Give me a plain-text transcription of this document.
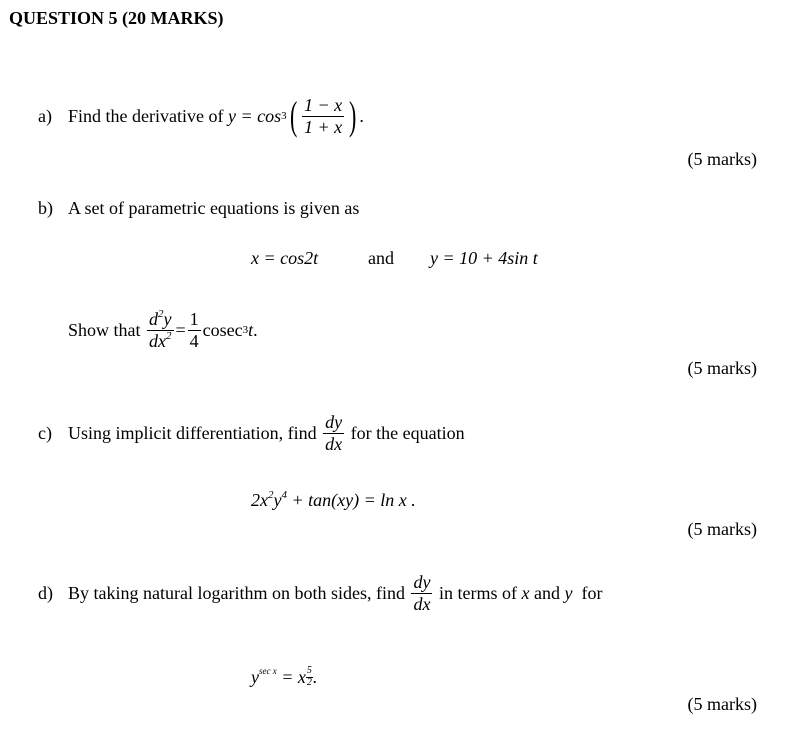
QUESTION 5 (20 MARKS)
a) Find the derivative of
y = cos 3 ( $\frac{1 - x}{1 + x}$ ) .
(5 marks)
b) A set of parametric equations is given as
x = cos2t	and y = 10 + 4sin t
Show that
$\frac{d^2y}{dx^2} = \frac{1}{4}$ cosec 3 t .
(5 marks)
c) Using implicit differentiation, find
$\frac{dy}{dx}$
for the equation
$2x^2y^4 + \tan(xy) = \ln x$ .
(5 marks)
d) By taking natural logarithm on both sides, find
$\frac{dy}{dx}$
in terms of
x
and
y
for
$y^{sec x} = x \frac{5}{2}$ .
(5 marks)
